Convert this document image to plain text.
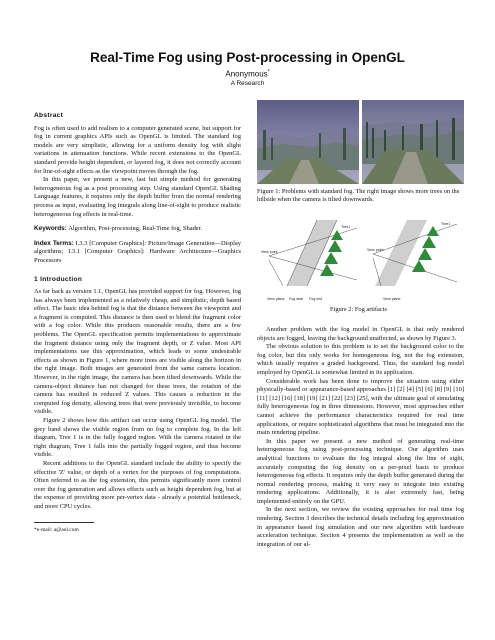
Real-Time Fog using Post-processing in OpenGL
Anonymous*
A Research
Abstract

Fog is often used to add realism to a computer generated scene, but support for fog in current graphics APIs such as OpenGL is limited. The standard fog models are very simplistic, allowing for a uniform density fog with slight variations in attenuation functions. While recent extensions to the OpenGL standard provide height dependent, or layered fog, it does not correctly account for line-of-sight effects as the viewpoint moves through the fog.

In this paper, we present a new, fast but simple method for generating heterogeneous fog as a post processing step. Using standard OpenGL Shading Language features, it requires only the depth buffer from the normal rendering process as input, evaluating fog integrals along line-of-sight to produce realistic heterogeneous fog effects in real-time.

Keywords: Algorithm, Post-processing, Real-Time fog, Shader.
Index Terms: I.3.3 [Computer Graphics]: Picture/Image Generation—Display algorithms; I.3.1 [Computer Graphics]: Hardware Architecture—Graphics Processors
1 Introduction

As far back as version 1.1, OpenGL has provided support for fog. However, fog has always been implemented as a relatively cheap, and simplistic, depth based effect. The basic idea behind fog is that the distance between the viewpoint and a fragment is computed. This distance is then used to blend the fragment color with a fog color. While this produces reasonable results, there are a few problems. The OpenGL specification permits implementations to approximate the fragment distance using only the fragment depth, or Z value. Most API implementations use this approximation, which leads to some undesirable effects as shown in Figure 1, where more trees are visible along the horizon in the right image. Both images are generated from the same camera location. However, in the right image, the camera has been tilted downwards. While the camera-object distance has not changed for these trees, the rotation of the camera has resulted in reduced Z values. This causes a reduction in the computed fog density, allowing trees that were previously invisible, to become visible.

Figure 2 shows how this artifact can occur using OpenGL fog model. The grey band shows the visible region from no fog to complete fog. In the left diagram, Tree 1 is in the fully fogged region. With the camera rotated in the right diagram, Tree 1 falls into the partially fogged region, and thus become visible.

Recent additions to the OpenGL standard include the ability to specify the effective 'Z' value, or depth of a vertex for the purposes of fog computations. Often referred to as the fog extension, this permits significantly more control over the fog generation and allows effects such as height dependent fog, but at the expense of providing more per-vertex data - already a potential bottleneck, and more CPU cycles.

*e-mail: a@aol.com
Figure 1: Problems with standard fog. The right image shows more trees on the hillside when the camera is tilted downwards.
View point
Tree1
View plane Fog start Fog end
View point
Tree1
View plane
Figure 2: Fog artifacts

Another problem with the fog model in OpenGL is that only rendered objects are fogged, leaving the background unaffected, as shown by Figure 3.

The obvious solution to this problem is to set the background color to the fog color, but this only works for homogeneous fog, not the fog extension, which usually requires a graded background. Thus, the standard fog model employed by OpenGL is somewhat limited in its application.

Considerable work has been done to improve the situation using either physically-based or appearance-based approaches [1] [2] [4] [5] [6] [8] [9] [10] [11] [12] [16] [18] [19] [21] [22] [23] [25], with the ultimate goal of simulating fully heterogeneous fog in three dimensions. However, most approaches either cannot achieve the performance characteristics required for real time applications, or require sophisticated algorithms that must be integrated into the main rendering pipeline.

In this paper we present a new method of generating real-time heterogeneous fog using post-processing technique. Our algorithm uses analytical functions to evaluate the fog integral along the line of sight, accurately computing the fog density on a per-pixel basis to produce heterogeneous fog effects. It requires only the depth buffer generated during the normal rendering process, making it very easy to integrate into existing rendering applications. Additionally, it is also extremely fast, being implemented entirely on the GPU.

In the next section, we review the existing approaches for real time fog rendering. Section 3 describes the technical details including fog approximation in appearance based fog simulation and our new algorithm with hardware acceleration technique. Section 4 presents the implementation as well as the integration of our al-
